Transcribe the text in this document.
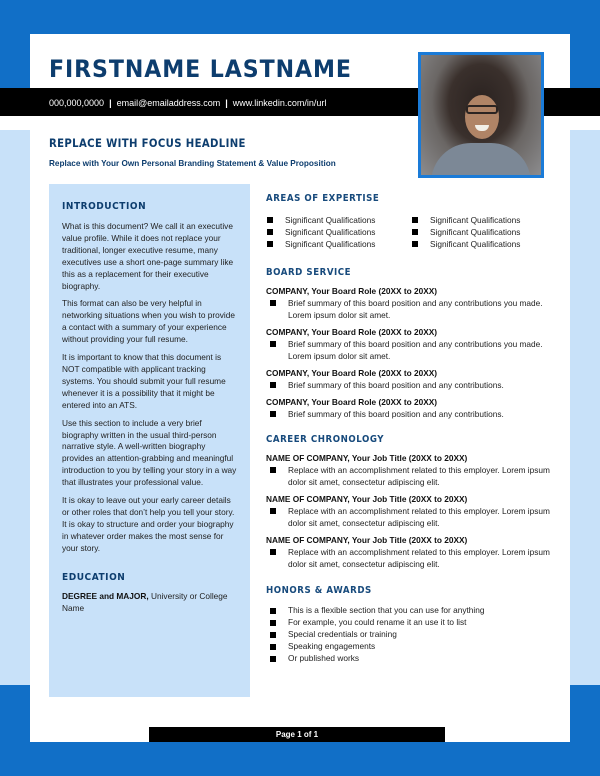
000,000,0000 | email@emailaddress.com | www.linkedin.com/in/url
FIRSTNAME LASTNAME
REPLACE WITH FOCUS HEADLINE
Replace with Your Own Personal Branding Statement & Value Proposition
INTRODUCTION

What is this document? We call it an executive value profile. While it does not replace your traditional, longer executive resume, many executives use a short one-page summary like this as a replacement for their executive biography.

This format can also be very helpful in networking situations when you wish to provide a contact with a summary of your experience without providing your full resume.

It is important to know that this document is NOT compatible with applicant tracking systems. You should submit your full resume whenever it is a possibility that it might be entered into an ATS.

Use this section to include a very brief biography written in the usual third-person narrative style. A well-written biography provides an attention-grabbing and meaningful introduction to you by telling your story in a way that illustrates your professional value.

It is okay to leave out your early career details or other roles that don’t help you tell your story. It is okay to structure and order your biography in whatever order makes the most sense for your story.

EDUCATION
DEGREE and MAJOR, University or College Name
AREAS OF EXPERTISE
Significant Qualifications
Significant Qualifications
Significant Qualifications
Significant Qualifications
Significant Qualifications
Significant Qualifications
BOARD SERVICE
COMPANY, Your Board Role (20XX to 20XX)
Brief summary of this board position and any contributions you made. Lorem ipsum dolor sit amet.
COMPANY, Your Board Role (20XX to 20XX)
Brief summary of this board position and any contributions you made. Lorem ipsum dolor sit amet.
COMPANY, Your Board Role (20XX to 20XX)
Brief summary of this board position and any contributions.
COMPANY, Your Board Role (20XX to 20XX)
Brief summary of this board position and any contributions.
CAREER CHRONOLOGY
NAME OF COMPANY, Your Job Title (20XX to 20XX)
Replace with an accomplishment related to this employer. Lorem ipsum dolor sit amet, consectetur adipiscing elit.
NAME OF COMPANY, Your Job Title (20XX to 20XX)
Replace with an accomplishment related to this employer. Lorem ipsum dolor sit amet, consectetur adipiscing elit.
NAME OF COMPANY, Your Job Title (20XX to 20XX)
Replace with an accomplishment related to this employer. Lorem ipsum dolor sit amet, consectetur adipiscing elit.
HONORS & AWARDS
This is a flexible section that you can use for anything
For example, you could rename it an use it to list
Special credentials or training
Speaking engagements
Or published works
Page 1 of 1
